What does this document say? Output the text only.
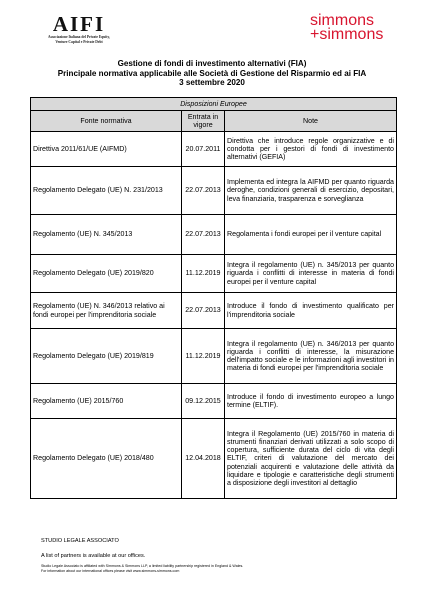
AIFI
Associazione Italiana del Private Equity,
Venture Capital e Private Debt
simmons
+simmons
Gestione di fondi di investimento alternativi (FIA)
Principale normativa applicabile alle Società di Gestione del Risparmio ed ai FIA
3 settembre 2020
Disposizioni Europee		
Fonte normativa	Entrata in vigore	Note
Direttiva 2011/61/UE (AIFMD)	20.07.2011	Direttiva che introduce regole organizzative e di condotta per i gestori di fondi di investimento alternativi (GEFIA)
Regolamento Delegato (UE) N. 231/2013	22.07.2013	Implementa ed integra la AIFMD per quanto riguarda deroghe, condizioni generali di esercizio, depositari, leva finanziaria, trasparenza e sorveglianza
Regolamento (UE) N. 345/2013	22.07.2013	Regolamenta i fondi europei per il venture capital
Regolamento Delegato (UE) 2019/820	11.12.2019	Integra il regolamento (UE) n. 345/2013 per quanto riguarda i conflitti di interesse in materia di fondi europei per il venture capital
Regolamento (UE) N. 346/2013 relativo ai fondi europei per l'imprenditoria sociale	22.07.2013	Introduce il fondo di investimento qualificato per l'imprenditoria sociale
Regolamento Delegato (UE) 2019/819	11.12.2019	Integra il regolamento (UE) n. 346/2013 per quanto riguarda i conflitti di interesse, la misurazione dell'impatto sociale e le informazioni agli investitori in materia di fondi europei per l'imprenditoria sociale
Regolamento (UE) 2015/760	09.12.2015	Introduce il fondo di investimento europeo a lungo termine (ELTIF).
Regolamento Delegato (UE) 2018/480	12.04.2018	Integra il Regolamento (UE) 2015/760 in materia di strumenti finanziari derivati utilizzati a solo scopo di copertura, sufficiente durata del ciclo di vita degli ELTIF, criteri di valutazione del mercato dei potenziali acquirenti e valutazione delle attività da liquidare e tipologie e caratteristiche degli strumenti a disposizione degli investitori al dettaglio
STUDIO LEGALE ASSOCIATO
A list of partners is available at our offices.
Studio Legale Associato is affiliated with Simmons & Simmons LLP, a limited liability partnership registered in England & Wales.
For information about our international offices please visit www.simmons-simmons.com
